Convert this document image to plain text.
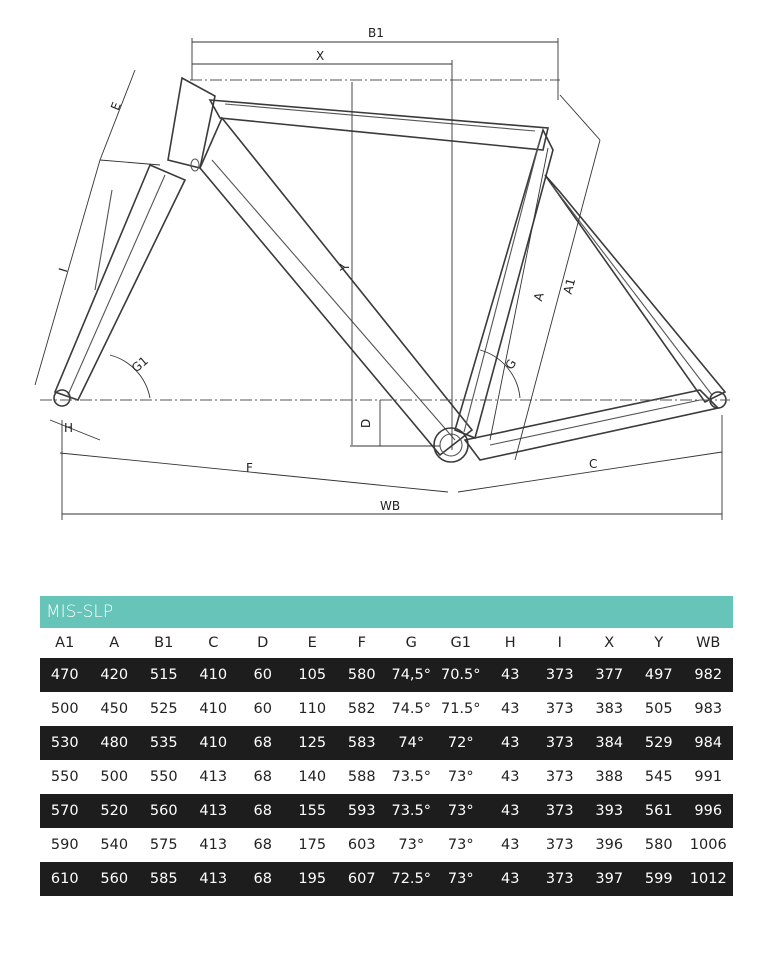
B1
X
E
I	Y
A
A1
G
G1
D
H
F	C
WB
MIS-SLP
A1	A	B1	C	D	E	F	G	G1	H	I	X	Y	WB
470	420	515	410	60	105	580	74,5°	70.5°	43	373	377	497	982
500	450	525	410	60	110	582	74.5°	71.5°	43	373	383	505	983
530	480	535	410	68	125	583	74°	72°	43	373	384	529	984
550	500	550	413	68	140	588	73.5°	73°	43	373	388	545	991
570	520	560	413	68	155	593	73.5°	73°	43	373	393	561	996
590	540	575	413	68	175	603	73°	73°	43	373	396	580	1006
610	560	585	413	68	195	607	72.5°	73°	43	373	397	599	1012
